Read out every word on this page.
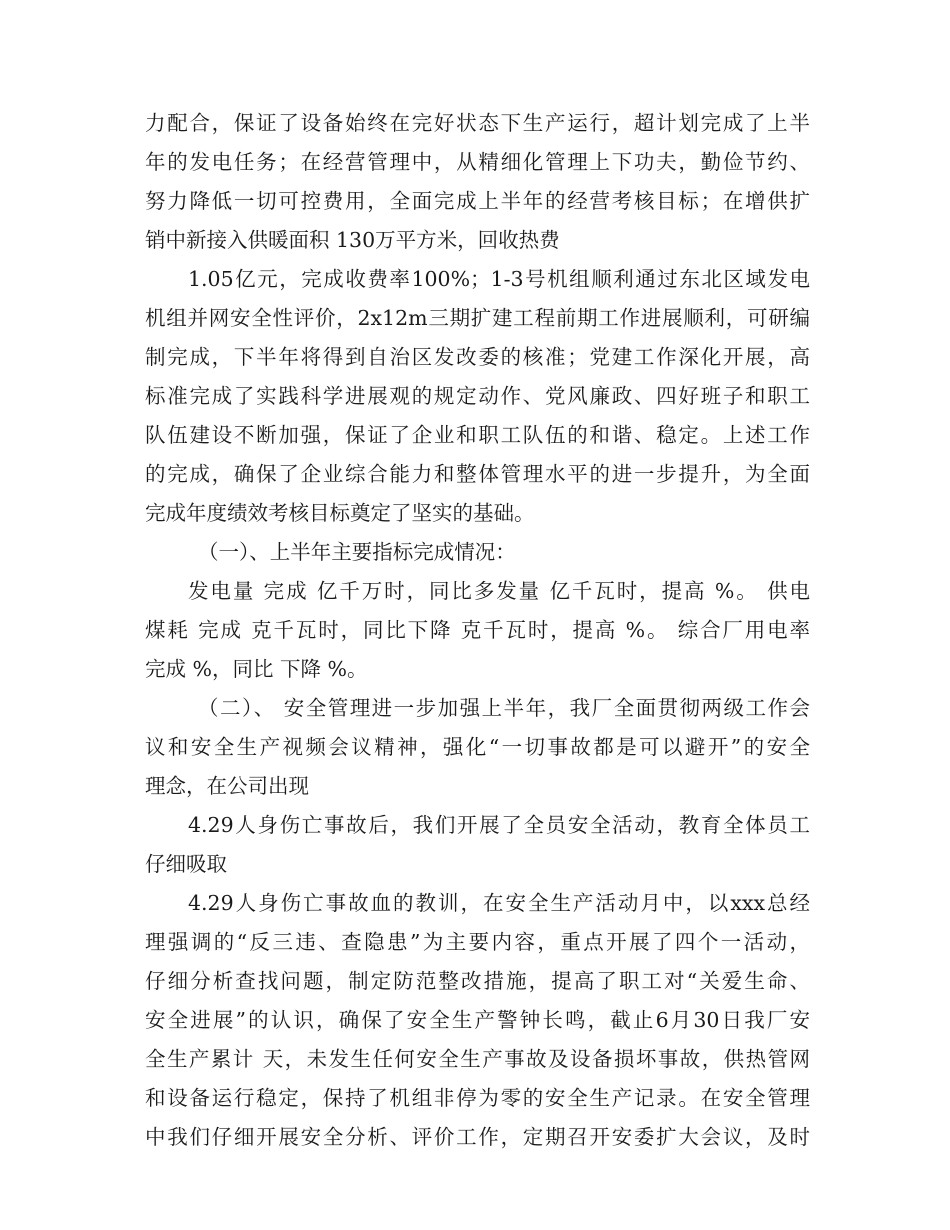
力配合，保证了设备始终在完好状态下生产运行，超计划完成了上半
年的发电任务；在经营管理中，从精细化管理上下功夫，勤俭节约、
努力降低一切可控费用，全面完成上半年的经营考核目标；在增供扩
销中新接入供暖面积 130万平方米，回收热费
1.05亿元，完成收费率100%；1-3号机组顺利通过东北区域发电
机组并网安全性评价，2x12m三期扩建工程前期工作进展顺利，可研编
制完成，下半年将得到自治区发改委的核准；党建工作深化开展，高
标准完成了实践科学进展观的规定动作、党风廉政、四好班子和职工
队伍建设不断加强，保证了企业和职工队伍的和谐、稳定。上述工作
的完成，确保了企业综合能力和整体管理水平的进一步提升，为全面
完成年度绩效考核目标奠定了坚实的基础。
（一）、上半年主要指标完成情况：
发电量 完成 亿千万时，同比多发量 亿千瓦时，提高 %。 供电
煤耗 完成 克千瓦时，同比下降 克千瓦时，提高 %。 综合厂用电率
完成 %，同比 下降 %。
（二）、 安全管理进一步加强上半年，我厂全面贯彻两级工作会
议和安全生产视频会议精神，强化“一切事故都是可以避开”的安全
理念，在公司出现
4.29人身伤亡事故后，我们开展了全员安全活动，教育全体员工
仔细吸取
4.29人身伤亡事故血的教训，在安全生产活动月中，以xxx总经
理强调的“反三违、查隐患”为主要内容，重点开展了四个一活动，
仔细分析查找问题，制定防范整改措施，提高了职工对“关爱生命、
安全进展”的认识，确保了安全生产警钟长鸣，截止6月30日我厂安
全生产累计 天，未发生任何安全生产事故及设备损坏事故，供热管网
和设备运行稳定，保持了机组非停为零的安全生产记录。在安全管理
中我们仔细开展安全分析、评价工作，定期召开安委扩大会议，及时
